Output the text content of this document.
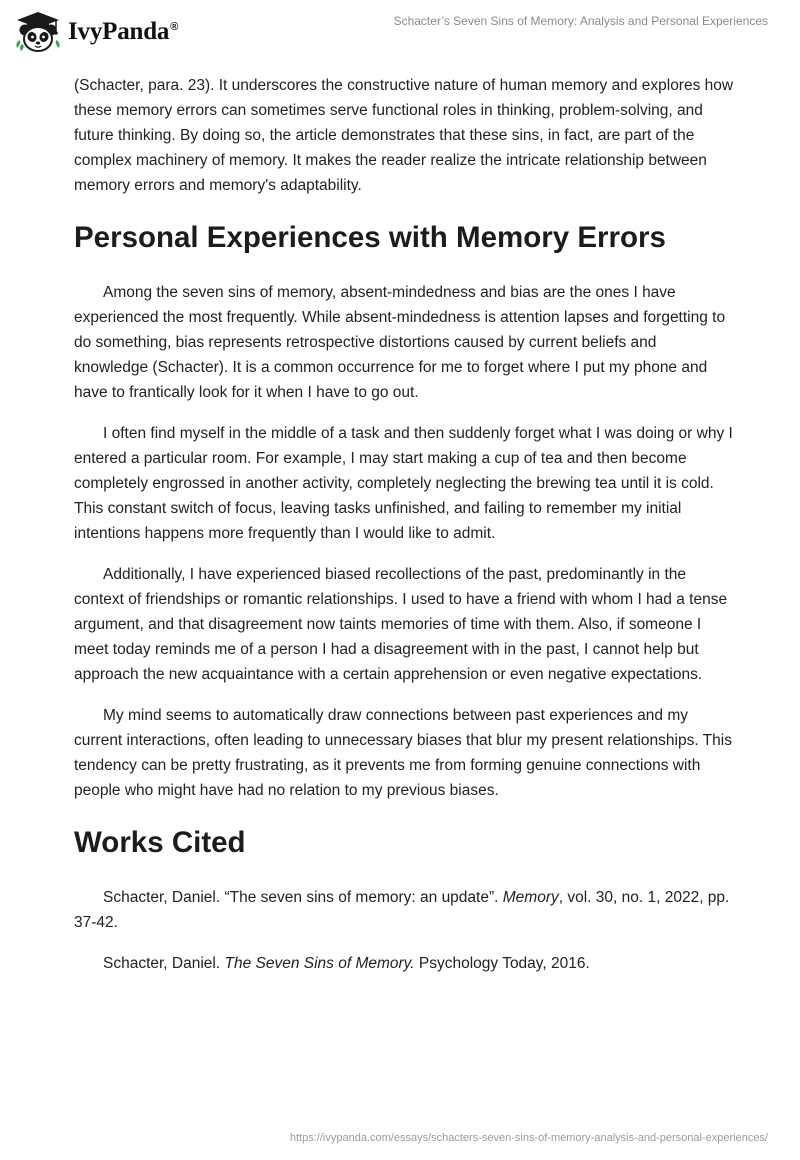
IvyPanda®	Schacter’s Seven Sins of Memory: Analysis and Personal Experiences

(Schacter, para. 23). It underscores the constructive nature of human memory and explores how these memory errors can sometimes serve functional roles in thinking, problem-solving, and future thinking. By doing so, the article demonstrates that these sins, in fact, are part of the complex machinery of memory. It makes the reader realize the intricate relationship between memory errors and memory's adaptability.

Personal Experiences with Memory Errors

Among the seven sins of memory, absent-mindedness and bias are the ones I have experienced the most frequently. While absent-mindedness is attention lapses and forgetting to do something, bias represents retrospective distortions caused by current beliefs and knowledge (Schacter). It is a common occurrence for me to forget where I put my phone and have to frantically look for it when I have to go out.

I often find myself in the middle of a task and then suddenly forget what I was doing or why I entered a particular room. For example, I may start making a cup of tea and then become completely engrossed in another activity, completely neglecting the brewing tea until it is cold. This constant switch of focus, leaving tasks unfinished, and failing to remember my initial intentions happens more frequently than I would like to admit.

Additionally, I have experienced biased recollections of the past, predominantly in the context of friendships or romantic relationships. I used to have a friend with whom I had a tense argument, and that disagreement now taints memories of time with them. Also, if someone I meet today reminds me of a person I had a disagreement with in the past, I cannot help but approach the new acquaintance with a certain apprehension or even negative expectations.

My mind seems to automatically draw connections between past experiences and my current interactions, often leading to unnecessary biases that blur my present relationships. This tendency can be pretty frustrating, as it prevents me from forming genuine connections with people who might have had no relation to my previous biases.

Works Cited

Schacter, Daniel. “The seven sins of memory: an update”. Memory, vol. 30, no. 1, 2022, pp. 37-42.

Schacter, Daniel. The Seven Sins of Memory. Psychology Today, 2016.

https://ivypanda.com/essays/schacters-seven-sins-of-memory-analysis-and-personal-experiences/
